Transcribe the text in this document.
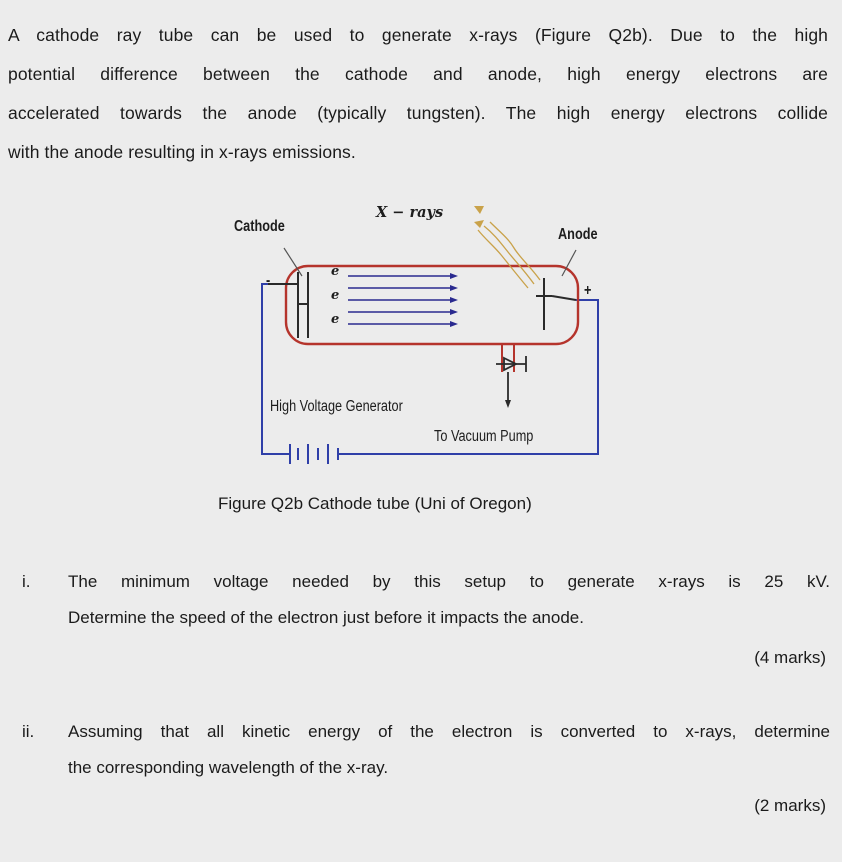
A cathode ray tube can be used to generate x-rays (Figure Q2b). Due to the high
potential difference between the cathode and anode, high energy electrons are
accelerated towards the anode (typically tungsten). The high energy electrons collide
with the anode resulting in x-rays emissions.
Cathode
X − rays
Anode
-
+
e
e
e
High Voltage Generator
To Vacuum Pump
Figure Q2b Cathode tube (Uni of Oregon)
i. The minimum voltage needed by this setup to generate x-rays is 25 kV.
Determine the speed of the electron just before it impacts the anode.
(4 marks)
ii. Assuming that all kinetic energy of the electron is converted to x-rays, determine
the corresponding wavelength of the x-ray.
(2 marks)
